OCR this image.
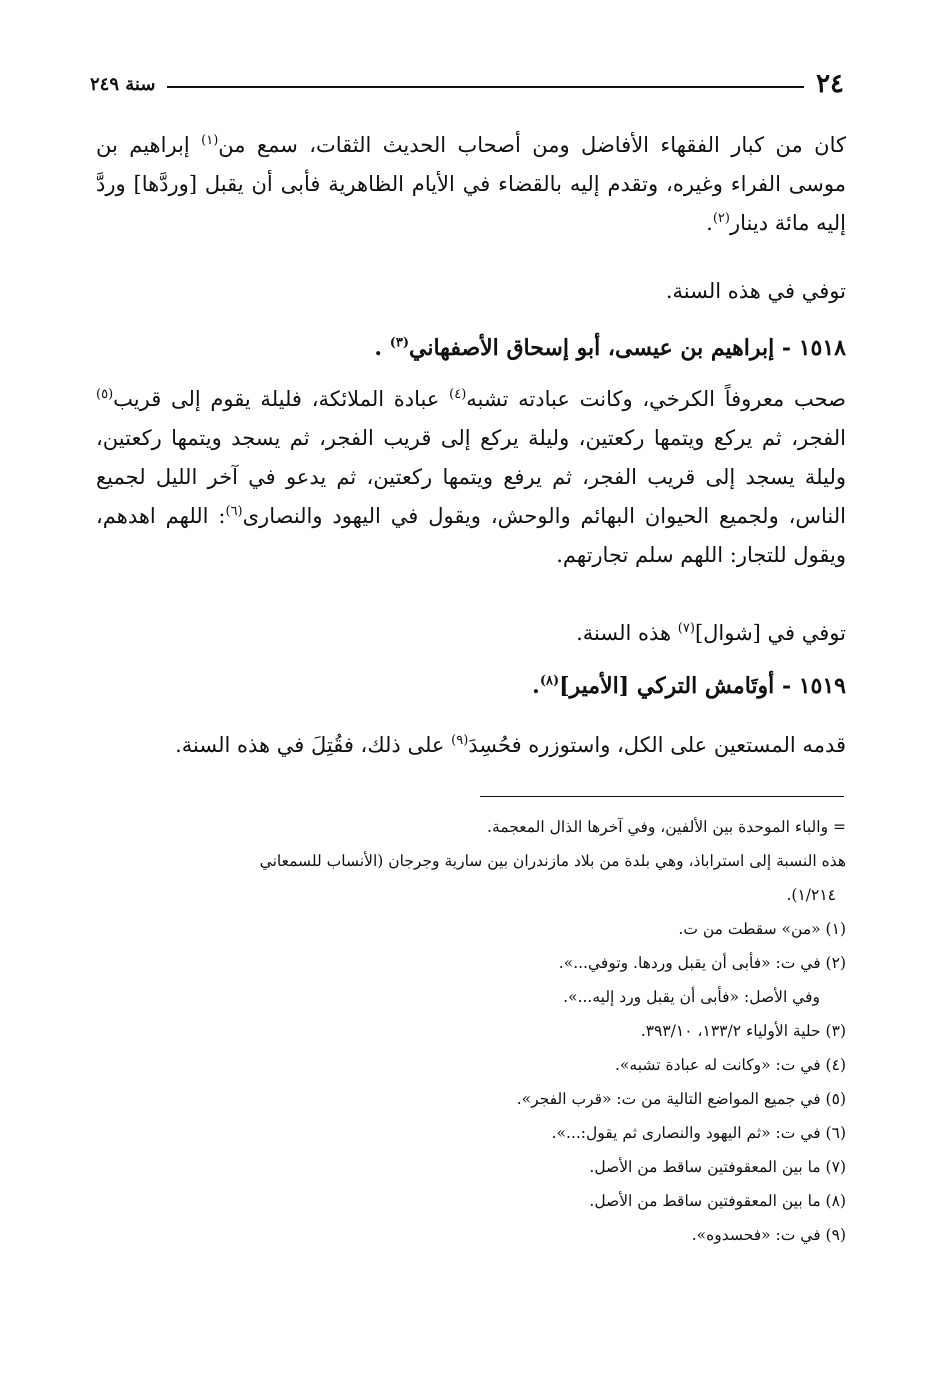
٢٤
سنة ٢٤٩
كان من كبار الفقهاء الأفاضل ومن أصحاب الحديث الثقات، سمع من$^{(١)}$ إبراهيم بن موسى الفراء وغيره، وتقدم إليه بالقضاء في الأيام الظاهرية فأبى أن يقبل [وردَّها] وردَّ إليه مائة دينار$^{(٢)}$.
توفي في هذه السنة.
١٥١٨ - إبراهيم بن عيسى، أبو إسحاق الأصفهاني$^{(٣)}$ .
صحب معروفاً الكرخي، وكانت عبادته تشبه$^{(٤)}$ عبادة الملائكة، فليلة يقوم إلى قريب$^{(٥)}$ الفجر، ثم يركع ويتمها ركعتين، وليلة يركع إلى قريب الفجر، ثم يسجد ويتمها ركعتين، وليلة يسجد إلى قريب الفجر، ثم يرفع ويتمها ركعتين، ثم يدعو في آخر الليل لجميع الناس، ولجميع الحيوان البهائم والوحش، ويقول في اليهود والنصارى$^{(٦)}$: اللهم اهدهم، ويقول للتجار: اللهم سلم تجارتهم.
توفي في [شوال]$^{(٧)}$ هذه السنة.
١٥١٩ - أوتَامش التركي [الأمير]$^{(٨)}$.
قدمه المستعين على الكل، واستوزره فحُسِدَ$^{(٩)}$ على ذلك، فقُتِلَ في هذه السنة.
= والباء الموحدة بين الألفين، وفي آخرها الذال المعجمة.
هذه النسبة إلى استراباذ، وهي بلدة من بلاد مازندران بين سارية وجرجان (الأنساب للسمعاني
١/٢١٤).
(١) «من» سقطت من ت.
(٢) في ت: «فأبى أن يقبل وردها. وتوفي...».
وفي الأصل: «فأبى أن يقبل ورد إليه...».
(٣) حلية الأولياء ١٣٣/٢، ٣٩٣/١٠.
(٤) في ت: «وكانت له عبادة تشبه».
(٥) في جميع المواضع التالية من ت: «قرب الفجر».
(٦) في ت: «ثم اليهود والنصارى ثم يقول:...».
(٧) ما بين المعقوفتين ساقط من الأصل.
(٨) ما بين المعقوفتين ساقط من الأصل.
(٩) في ت: «فحسدوه».
